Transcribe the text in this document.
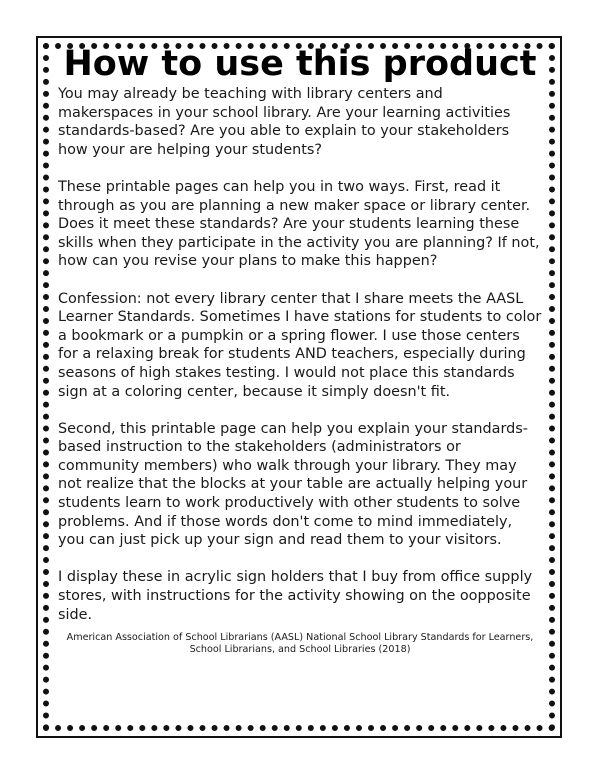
How to use this product

You may already be teaching with library centers and makerspaces in your school library. Are your learning activities standards-based? Are you able to explain to your stakeholders how your are helping your students?

These printable pages can help you in two ways. First, read it through as you are planning a new maker space or library center. Does it meet these standards? Are your students learning these skills when they participate in the activity you are planning? If not, how can you revise your plans to make this happen?

Confession: not every library center that I share meets the AASL Learner Standards. Sometimes I have stations for students to color a bookmark or a pumpkin or a spring flower. I use those centers for a relaxing break for students AND teachers, especially during seasons of high stakes testing. I would not place this standards sign at a coloring center, because it simply doesn't fit.

Second, this printable page can help you explain your standards-based instruction to the stakeholders (administrators or community members) who walk through your library. They may not realize that the blocks at your table are actually helping your students learn to work productively with other students to solve problems. And if those words don't come to mind immediately, you can just pick up your sign and read them to your visitors.

I display these in acrylic sign holders that I buy from office supply stores, with instructions for the activity showing on the oopposite side.

American Association of School Librarians (AASL) National School Library Standards for Learners, School Librarians, and School Libraries (2018)
